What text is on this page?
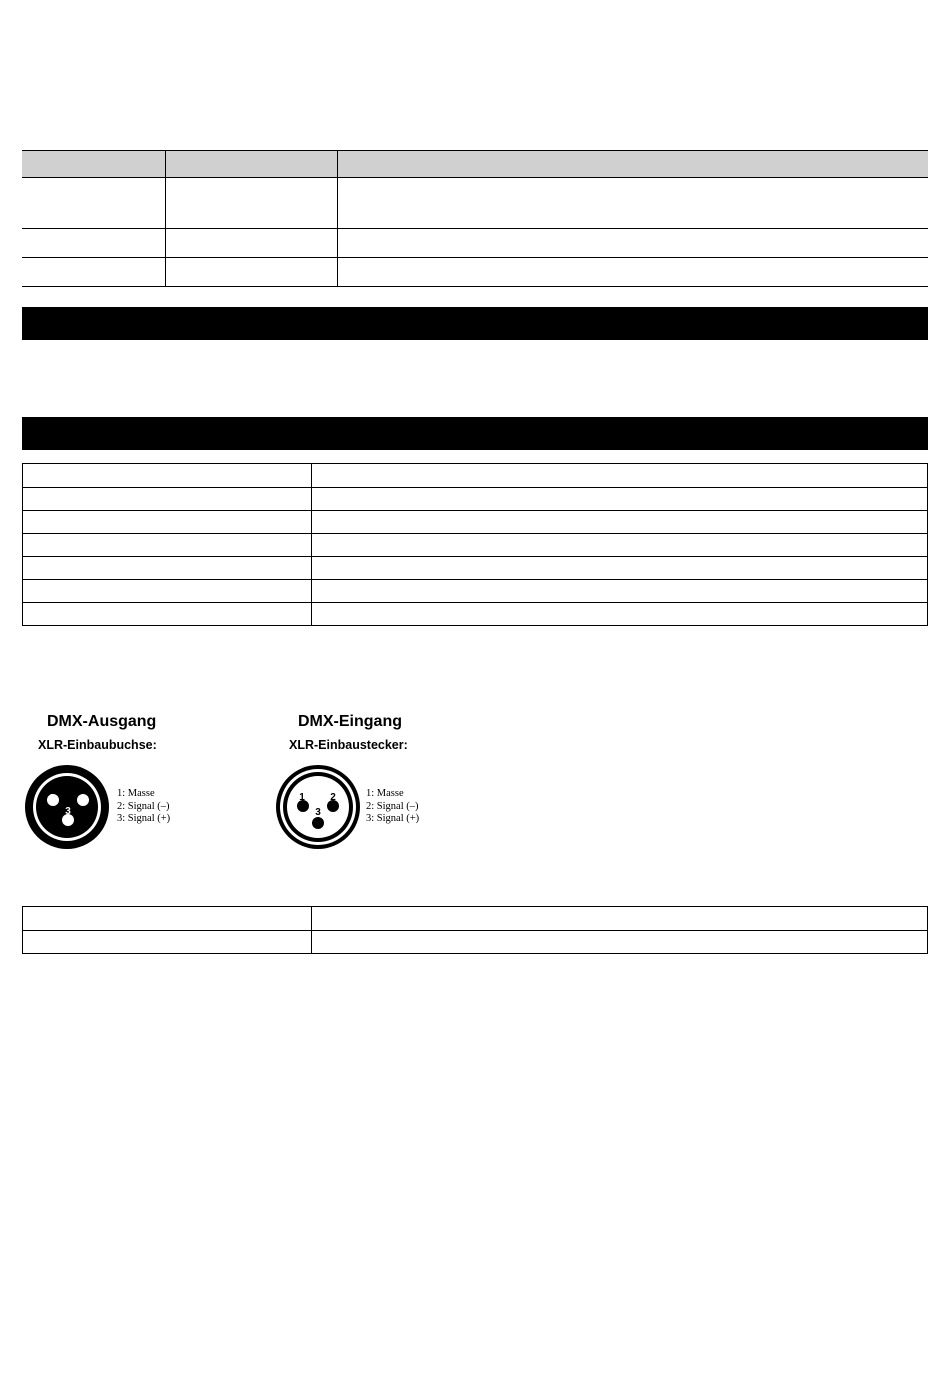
DMX-Ausgang
XLR-Einbaubuchse:
2	1
3
1: Masse
2: Signal (–)
3: Signal (+)
DMX-Eingang
XLR-Einbaustecker:
1	2
3
1: Masse
2: Signal (–)
3: Signal (+)
